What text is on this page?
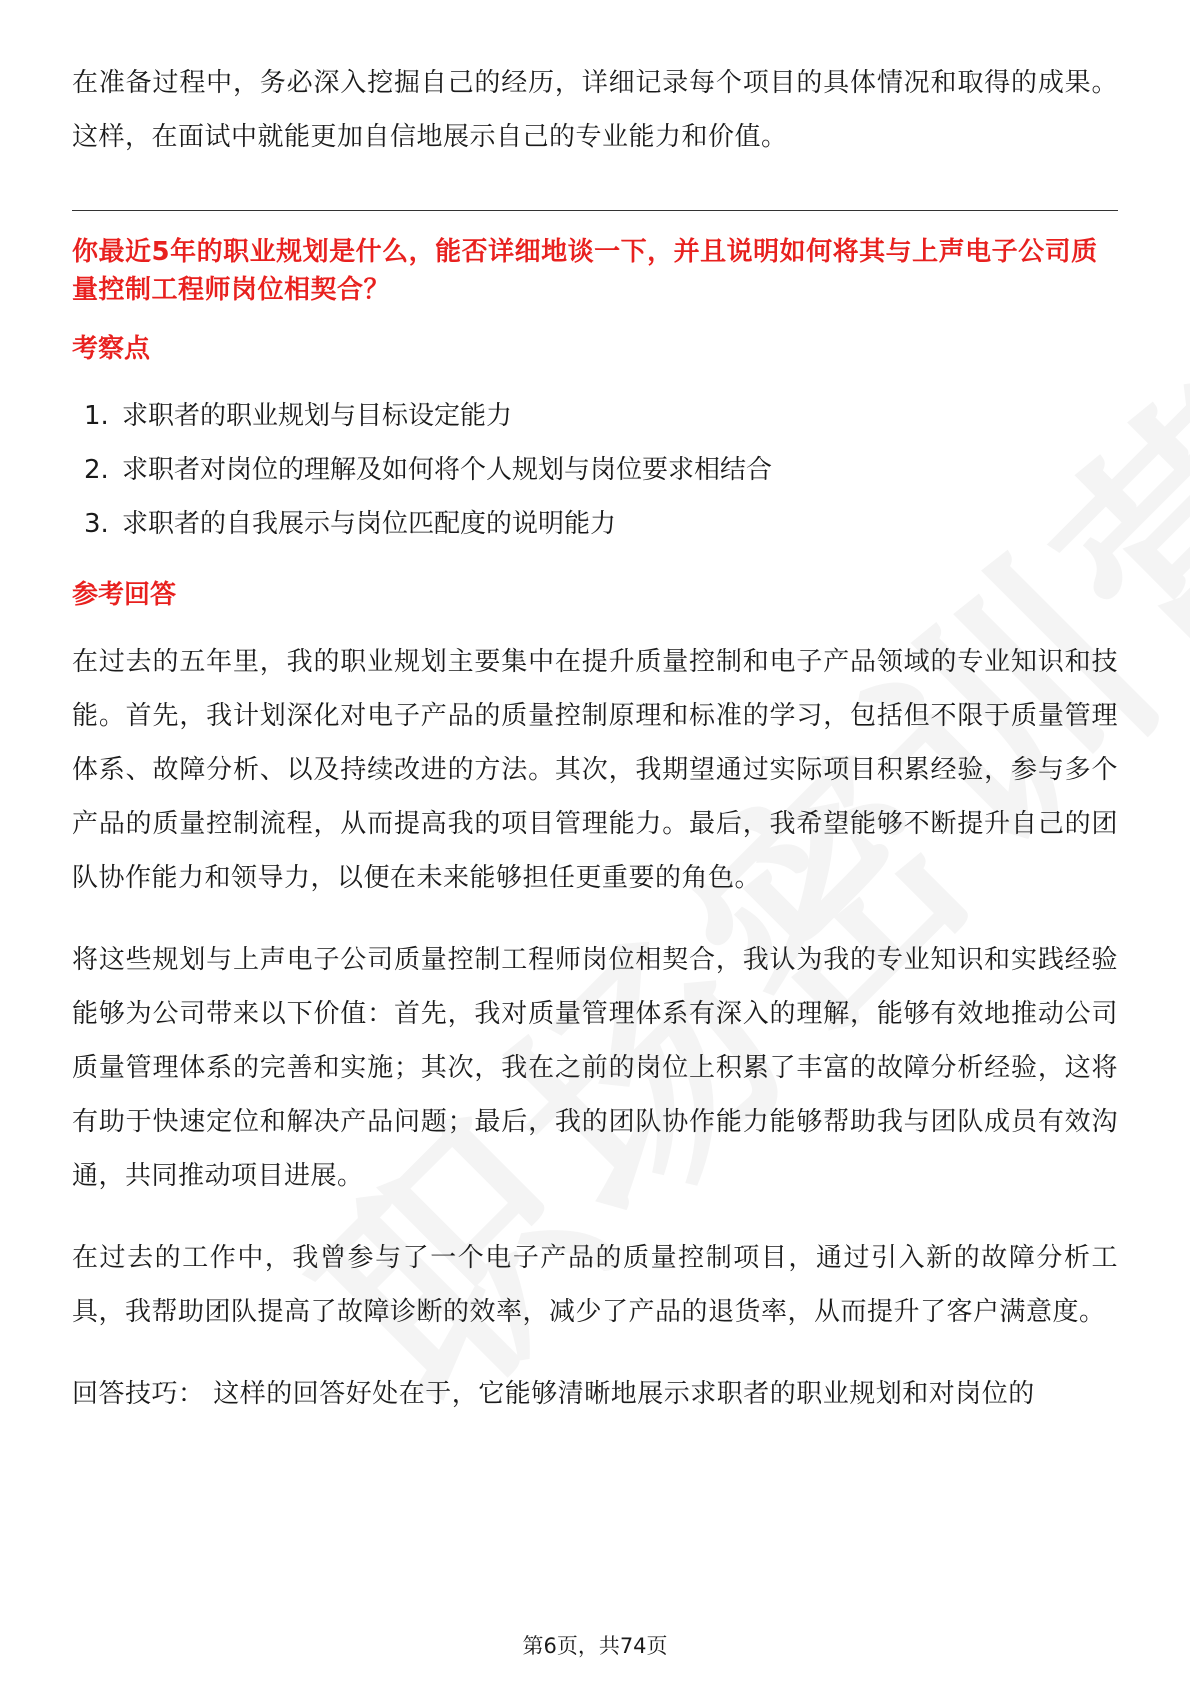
在准备过程中，务必深入挖掘自己的经历，详细记录每个项目的具体情况和取得的成果。这样，在面试中就能更加自信地展示自己的专业能力和价值。

你最近5年的职业规划是什么，能否详细地谈一下，并且说明如何将其与上声电子公司质量控制工程师岗位相契合？

考察点

1. 求职者的职业规划与目标设定能力
2. 求职者对岗位的理解及如何将个人规划与岗位要求相结合
3. 求职者的自我展示与岗位匹配度的说明能力

参考回答

在过去的五年里，我的职业规划主要集中在提升质量控制和电子产品领域的专业知识和技能。首先，我计划深化对电子产品的质量控制原理和标准的学习，包括但不限于质量管理体系、故障分析、以及持续改进的方法。其次，我期望通过实际项目积累经验，参与多个产品的质量控制流程，从而提高我的项目管理能力。最后，我希望能够不断提升自己的团队协作能力和领导力，以便在未来能够担任更重要的角色。

将这些规划与上声电子公司质量控制工程师岗位相契合，我认为我的专业知识和实践经验能够为公司带来以下价值：首先，我对质量管理体系有深入的理解，能够有效地推动公司质量管理体系的完善和实施；其次，我在之前的岗位上积累了丰富的故障分析经验，这将有助于快速定位和解决产品问题；最后，我的团队协作能力能够帮助我与团队成员有效沟通，共同推动项目进展。

在过去的工作中，我曾参与了一个电子产品的质量控制项目，通过引入新的故障分析工具，我帮助团队提高了故障诊断的效率，减少了产品的退货率，从而提升了客户满意度。

回答技巧： 这样的回答好处在于，它能够清晰地展示求职者的职业规划和对岗位的

第6页，共74页
